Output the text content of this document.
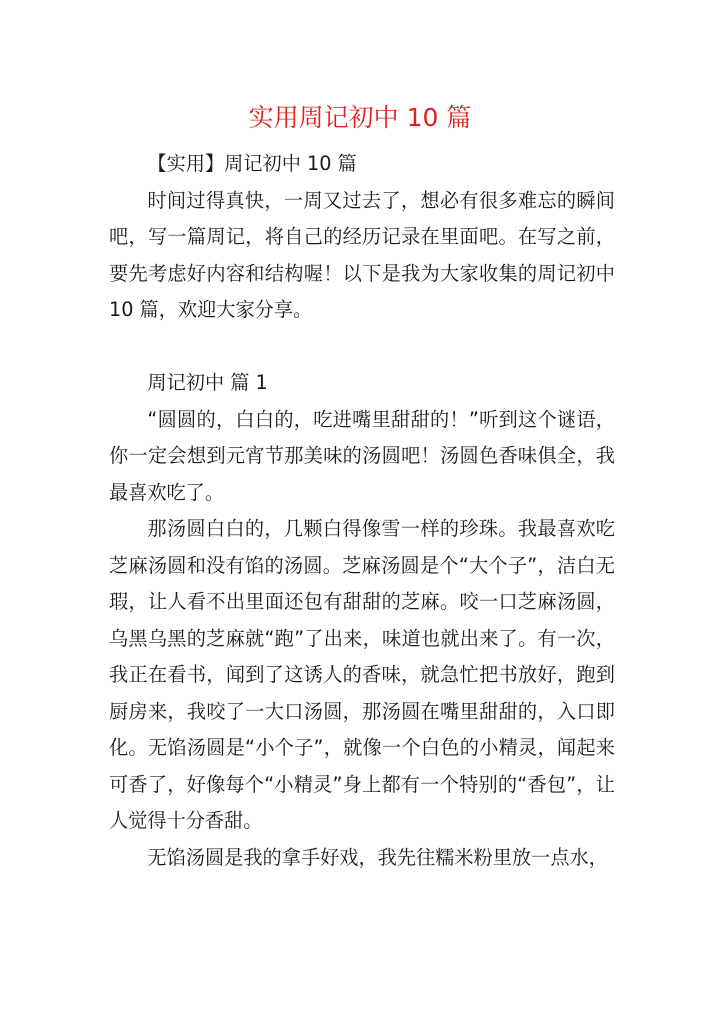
实用周记初中 10 篇

【实用】周记初中 10 篇

时间过得真快，一周又过去了，想必有很多难忘的瞬间吧，写一篇周记，将自己的经历记录在里面吧。在写之前，要先考虑好内容和结构喔！以下是我为大家收集的周记初中 10 篇，欢迎大家分享。

周记初中 篇 1

“圆圆的，白白的，吃进嘴里甜甜的！”听到这个谜语，你一定会想到元宵节那美味的汤圆吧！汤圆色香味俱全，我最喜欢吃了。

那汤圆白白的，几颗白得像雪一样的珍珠。我最喜欢吃芝麻汤圆和没有馅的汤圆。芝麻汤圆是个“大个子”，洁白无瑕，让人看不出里面还包有甜甜的芝麻。咬一口芝麻汤圆，乌黑乌黑的芝麻就“跑”了出来，味道也就出来了。有一次，我正在看书，闻到了这诱人的香味，就急忙把书放好，跑到厨房来，我咬了一大口汤圆，那汤圆在嘴里甜甜的，入口即化。无馅汤圆是“小个子”，就像一个白色的小精灵，闻起来可香了，好像每个“小精灵”身上都有一个特别的“香包”，让人觉得十分香甜。

无馅汤圆是我的拿手好戏，我先往糯米粉里放一点水，
